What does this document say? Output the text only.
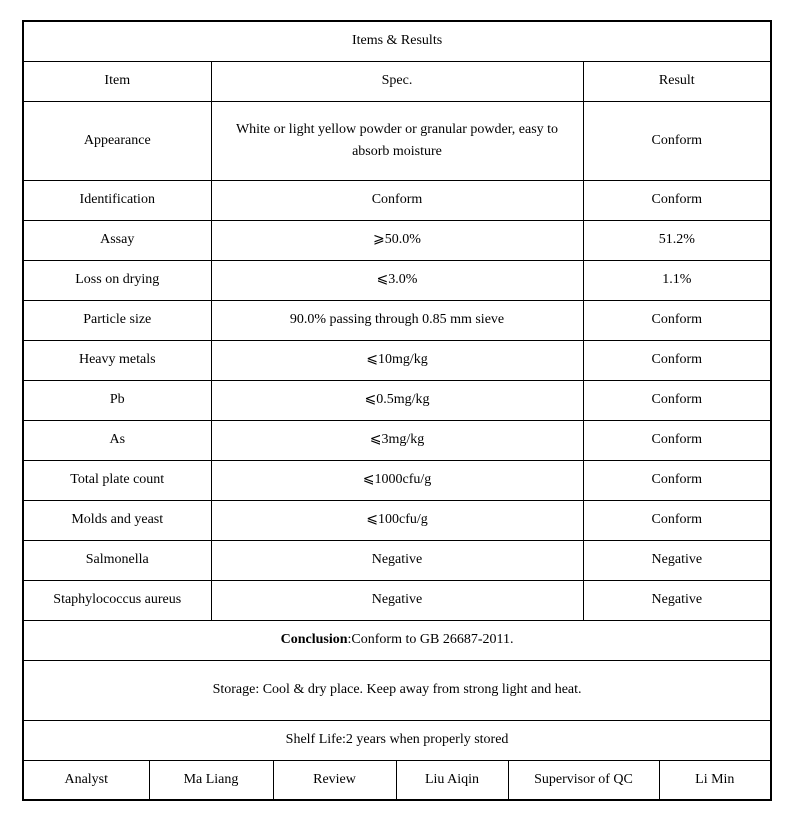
Items & Results							
Item		Spec.				Result	
Appearance		White or light yellow powder or granular powder, easy to absorb moisture				Conform	
Identification		Conform				Conform	
Assay		⩾50.0%				51.2%	
Loss on drying		⩽3.0%				1.1%	
Particle size		90.0% passing through 0.85 mm sieve				Conform	
Heavy metals		⩽10mg/kg				Conform	
Pb		⩽0.5mg/kg				Conform	
As		⩽3mg/kg				Conform	
Total plate count		⩽1000cfu/g				Conform	
Molds and yeast		⩽100cfu/g				Conform	
Salmonella		Negative				Negative	
Staphylococcus aureus		Negative				Negative	
Conclusion:Conform to GB 26687-2011.							
Storage: Cool & dry place. Keep away from strong light and heat.							
Shelf Life:2 years when properly stored							
Analyst	Ma Liang		Review	Liu Aiqin	Supervisor of QC		Li Min
